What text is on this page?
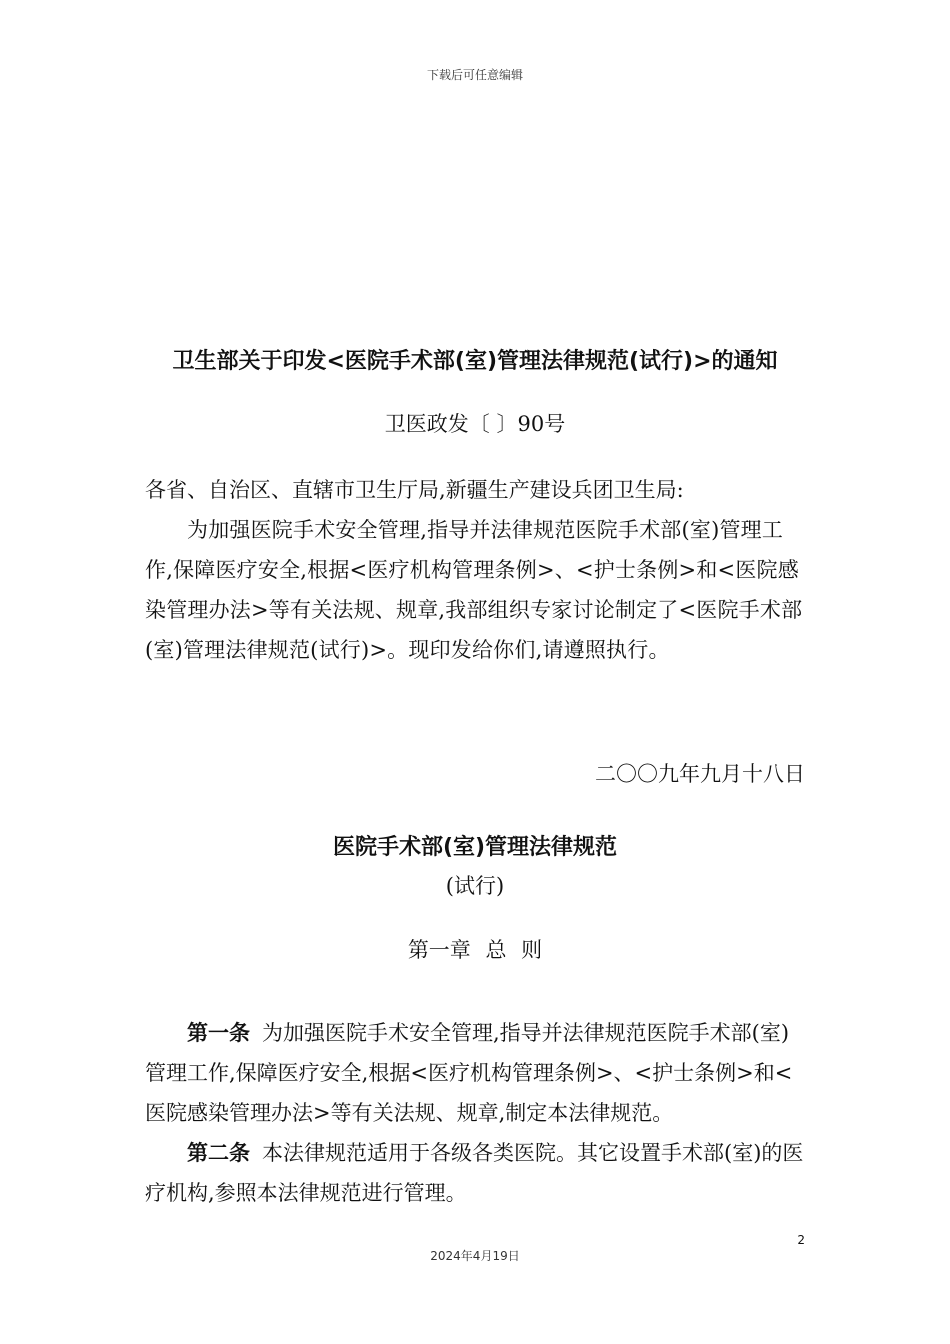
下载后可任意编辑
卫生部关于印发<医院手术部(室)管理法律规范(试行)>的通知
卫医政发〔 〕90号
各省、自治区、直辖市卫生厅局,新疆生产建设兵团卫生局:
为加强医院手术安全管理,指导并法律规范医院手术部(室)管理工作,保障医疗安全,根据<医疗机构管理条例>、<护士条例>和<医院感染管理办法>等有关法规、规章,我部组织专家讨论制定了<医院手术部(室)管理法律规范(试行)>。现印发给你们,请遵照执行。
二〇〇九年九月十八日
医院手术部(室)管理法律规范
(试行)
第一章 总 则
第一条 为加强医院手术安全管理,指导并法律规范医院手术部(室)管理工作,保障医疗安全,根据<医疗机构管理条例>、<护士条例>和<医院感染管理办法>等有关法规、规章,制定本法律规范。
第二条 本法律规范适用于各级各类医院。其它设置手术部(室)的医疗机构,参照本法律规范进行管理。
2
2024年4月19日
